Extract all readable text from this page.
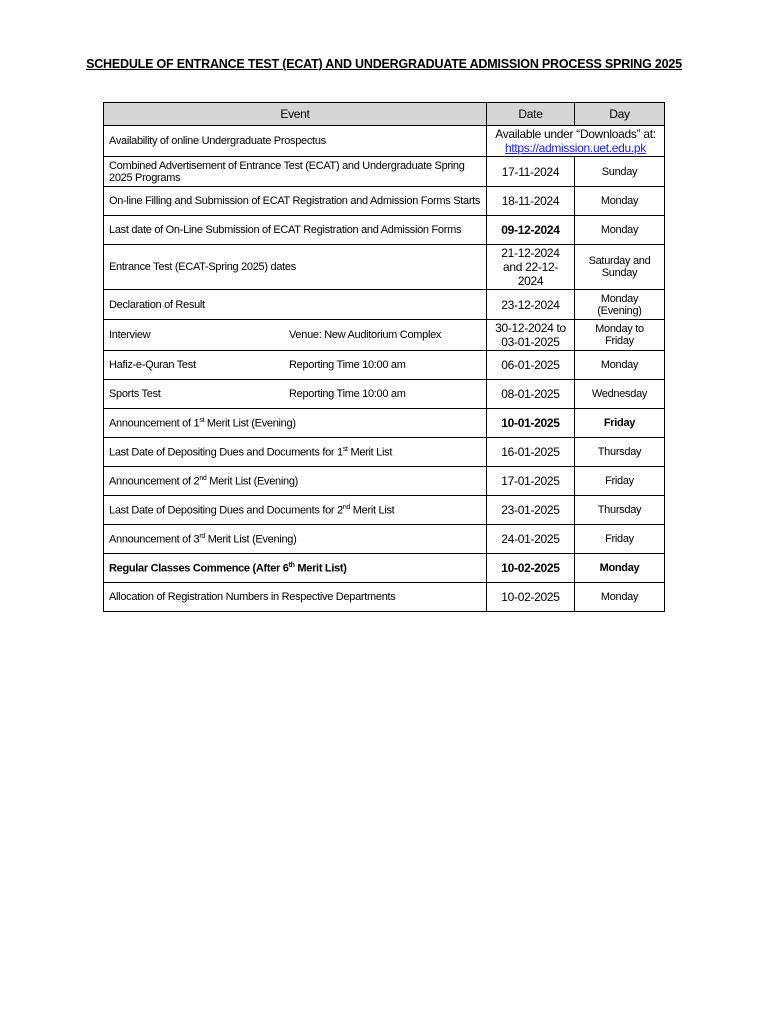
SCHEDULE OF ENTRANCE TEST (ECAT) AND UNDERGRADUATE ADMISSION PROCESS SPRING 2025
Event	Date	Day
Availability of online Undergraduate Prospectus	Available under “Downloads” at:
https://admission.uet.edu.pk	
Combined Advertisement of Entrance Test (ECAT) and Undergraduate Spring 2025 Programs	17-11-2024	Sunday
On-line Filling and Submission of ECAT Registration and Admission Forms Starts	18-11-2024	Monday
Last date of On-Line Submission of ECAT Registration and Admission Forms	09-12-2024	Monday
Entrance Test (ECAT-Spring 2025) dates	21-12-2024 and 22-12-2024	Saturday and Sunday
Declaration of Result	23-12-2024	Monday (Evening)

Interview Venue: New Auditorium Complex	30-12-2024 to 03-01-2025	Monday to Friday

Hafiz-e-Quran Test Reporting Time 10:00 am	06-01-2025	Monday

Sports Test Reporting Time 10:00 am	08-01-2025	Wednesday
Announcement of 1st Merit List (Evening)	10-01-2025	Friday
Last Date of Depositing Dues and Documents for 1st Merit List	16-01-2025	Thursday
Announcement of 2nd Merit List (Evening)	17-01-2025	Friday
Last Date of Depositing Dues and Documents for 2nd Merit List	23-01-2025	Thursday
Announcement of 3rd Merit List (Evening)	24-01-2025	Friday
Regular Classes Commence (After 6th Merit List)	10-02-2025	Monday
Allocation of Registration Numbers in Respective Departments	10-02-2025	Monday
